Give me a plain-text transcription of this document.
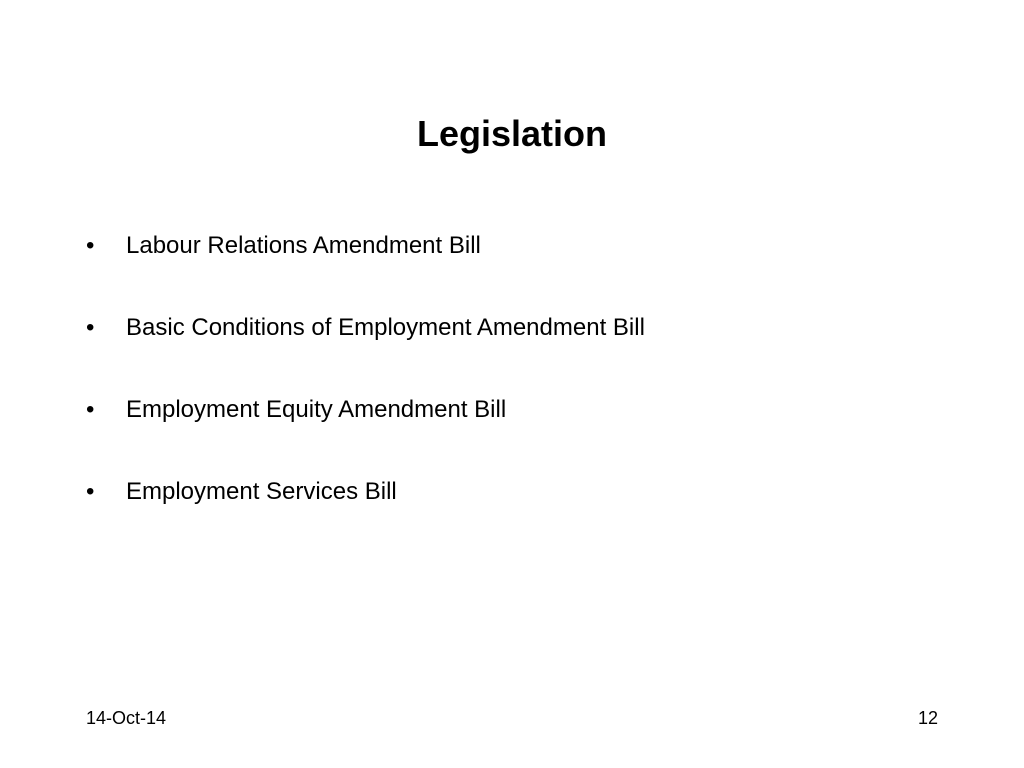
Legislation
•	Labour Relations Amendment Bill
•	Basic Conditions of Employment Amendment Bill
•	Employment Equity Amendment Bill
•	Employment Services Bill
14-Oct-14	12
